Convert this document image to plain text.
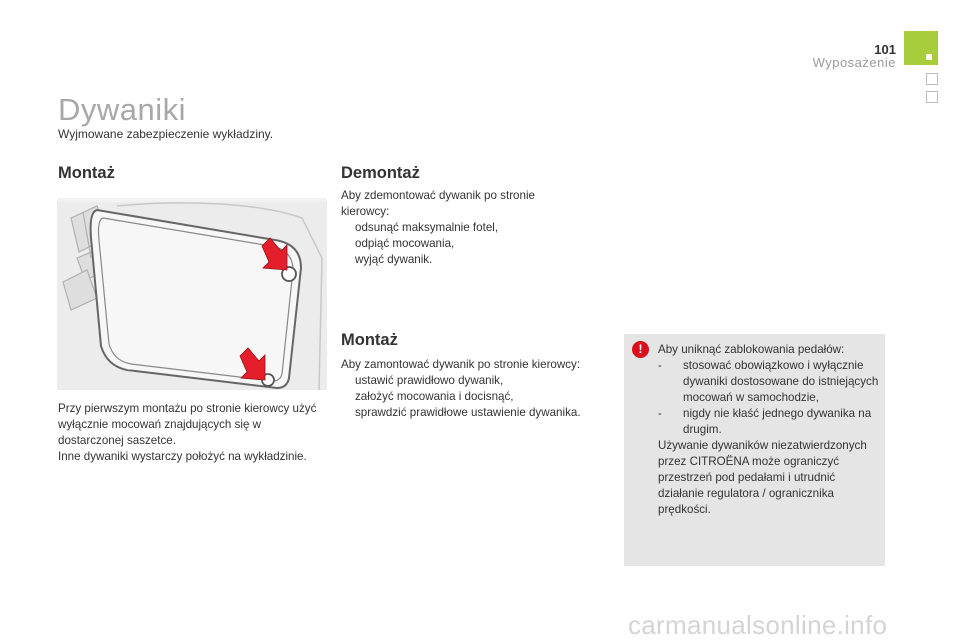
101
Wyposażenie
Dywaniki
Wyjmowane zabezpieczenie wykładziny.
Montaż
Przy pierwszym montażu po stronie kierowcy użyć wyłącznie mocowań znajdujących się w dostarczonej saszetce.
Inne dywaniki wystarczy położyć na wykładzinie.
Demontaż
Aby zdemontować dywanik po stronie kierowcy:
odsunąć maksymalnie fotel,
odpiąć mocowania,
wyjąć dywanik.
Montaż
Aby zamontować dywanik po stronie kierowcy:
ustawić prawidłowo dywanik,
założyć mocowania i docisnąć,
sprawdzić prawidłowe ustawienie dywanika.
!	Aby uniknąć zablokowania pedałów:
- stosować obowiązkowo i wyłącznie dywaniki dostosowane do istniejących mocowań w samochodzie,
- nigdy nie kłaść jednego dywanika na drugim.
Używanie dywaników niezatwierdzonych przez CITROËNA może ograniczyć przestrzeń pod pedałami i utrudnić działanie regulatora / ogranicznika prędkości.
carmanualsonline.info
